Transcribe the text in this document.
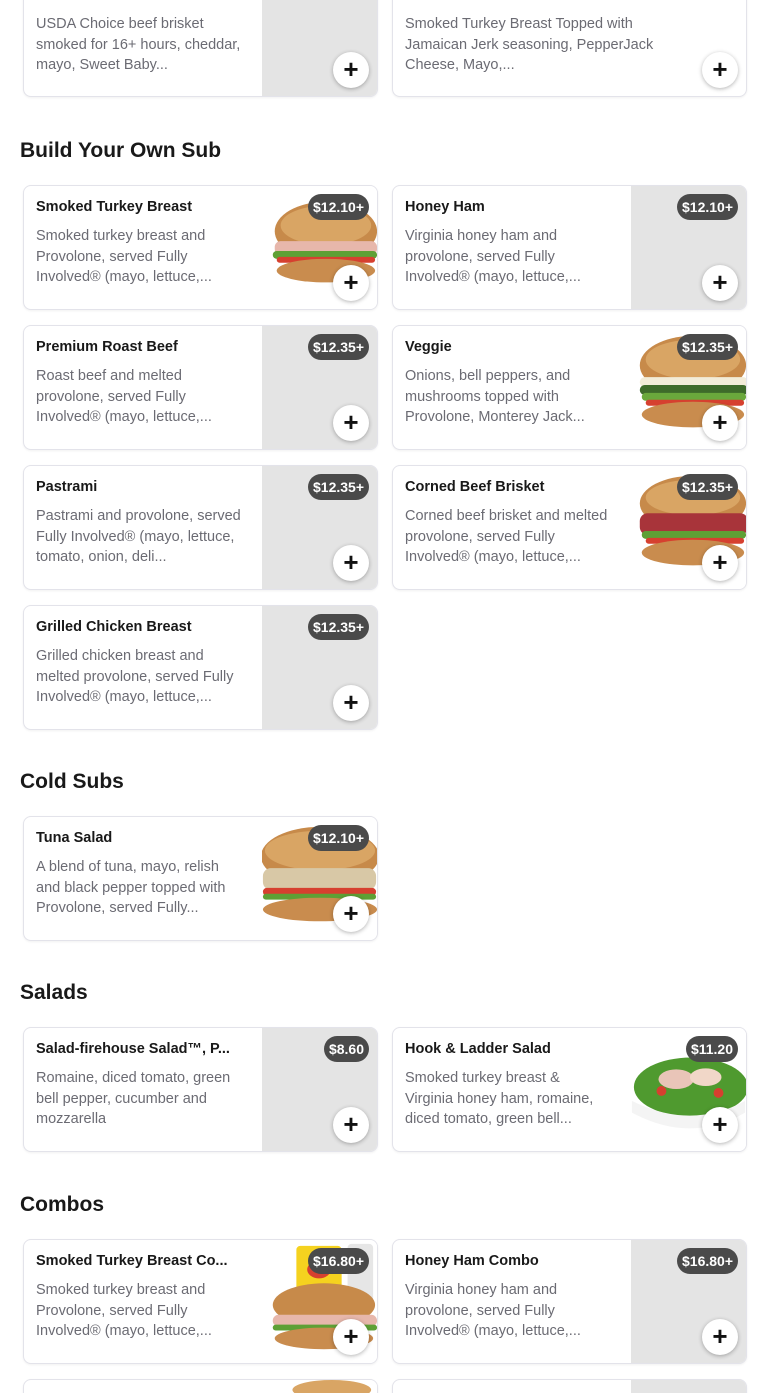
USDA Choice beef brisket smoked for 16+ hours, cheddar, mayo, Sweet Baby...	+
Smoked Turkey Breast Topped with Jamaican Jerk seasoning, PepperJack Cheese, Mayo,...	+
Build Your Own Sub
Smoked Turkey Breast
Smoked turkey breast and Provolone, served Fully Involved® (mayo, lettuce,...
$12.10+
+
Honey Ham
Virginia honey ham and provolone, served Fully Involved® (mayo, lettuce,...
$12.10+
+
Premium Roast Beef
Roast beef and melted provolone, served Fully Involved® (mayo, lettuce,...
$12.35+
+
Veggie
Onions, bell peppers, and mushrooms topped with Provolone, Monterey Jack...
$12.35+
+
Pastrami
Pastrami and provolone, served Fully Involved® (mayo, lettuce, tomato, onion, deli...
$12.35+
+
Corned Beef Brisket
Corned beef brisket and melted provolone, served Fully Involved® (mayo, lettuce,...
$12.35+
+
Grilled Chicken Breast
Grilled chicken breast and melted provolone, served Fully Involved® (mayo, lettuce,...
$12.35+
+
Cold Subs
Tuna Salad
A blend of tuna, mayo, relish and black pepper topped with Provolone, served Fully...
$12.10+
+
Salads
Salad-firehouse Salad™, P...
Romaine, diced tomato, green bell pepper, cucumber and mozzarella
$8.60
+
Hook & Ladder Salad
Smoked turkey breast & Virginia honey ham, romaine, diced tomato, green bell...
$11.20
+
Combos
Smoked Turkey Breast Co...
Smoked turkey breast and Provolone, served Fully Involved® (mayo, lettuce,...
$16.80+
+
Honey Ham Combo
Virginia honey ham and provolone, served Fully Involved® (mayo, lettuce,...
$16.80+
+
